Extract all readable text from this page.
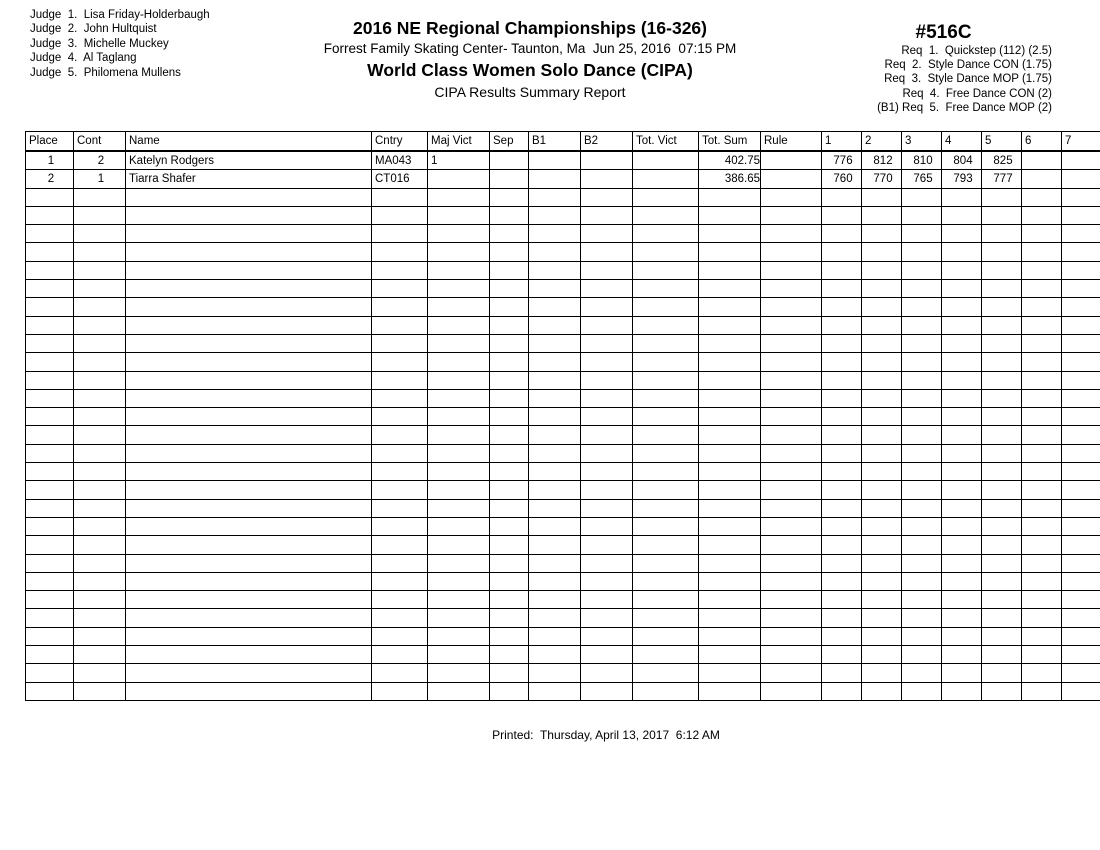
Judge  1.  Lisa Friday-Holderbaugh
Judge  2.  John Hultquist
Judge  3.  Michelle Muckey
Judge  4.  Al Taglang
Judge  5.  Philomena Mullens
2016 NE Regional Championships (16-326)
Forrest Family Skating Center- Taunton, Ma  Jun 25, 2016  07:15 PM
World Class Women Solo Dance (CIPA)
CIPA Results Summary Report
#516C
Req  1.  Quickstep (112) (2.5)
Req  2.  Style Dance CON (1.75)
Req  3.  Style Dance MOP (1.75)
Req  4.  Free Dance CON (2)
(B1) Req  5.  Free Dance MOP (2)
Place	Cont	Name	Cntry	Maj Vict	Sep	B1	B2	Tot. Vict	Tot. Sum	Rule	1	2	3	4	5	6	7
1	2	Katelyn Rodgers	MA043	1					402.75		776	812	810	804	825		
2	1	Tiarra Shafer	CT016						386.65		760	770	765	793	777		

Printed:  Thursday, April 13, 2017  6:12 AM
